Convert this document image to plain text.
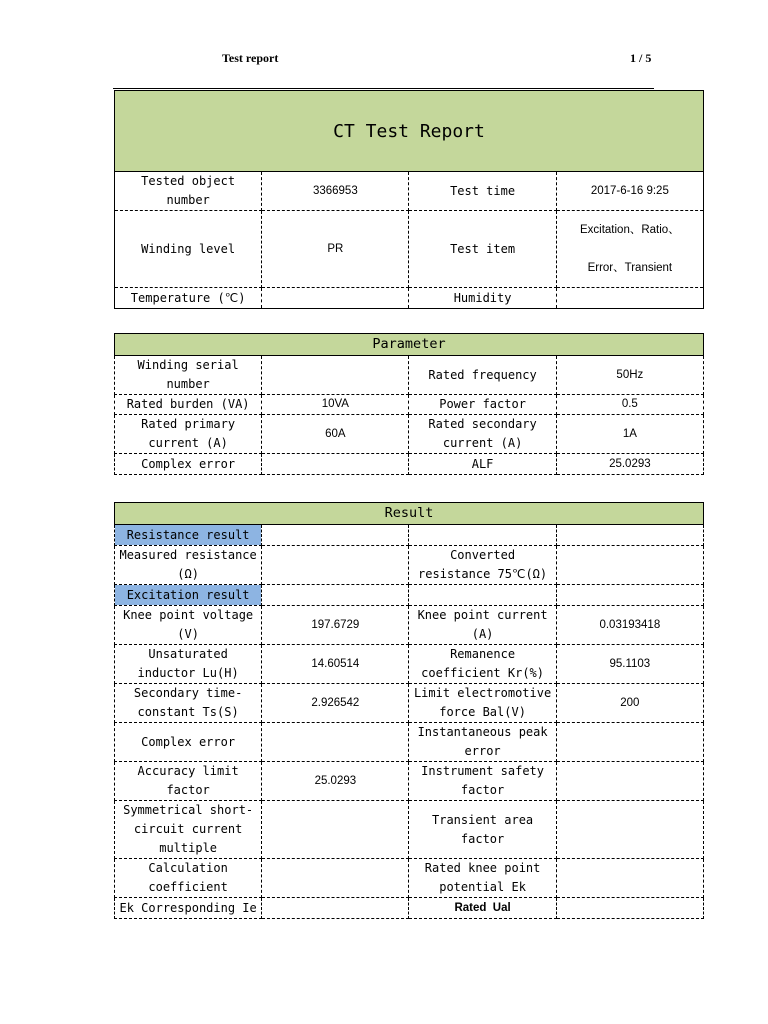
Test report	1 / 5
CT Test Report			
Tested object number	3366953	Test time	2017-6-16 9:25
Winding level	PR	Test item	Excitation、Ratio、
Error、Transient

Temperature (℃)		Humidity	
Parameter			
Winding serial number		Rated frequency	50Hz
Rated burden (VA)	10VA	Power factor	0.5
Rated primary current (A)	60A	Rated secondary current (A)	1A
Complex error		ALF	25.0293
Result			
Resistance result			
Measured resistance (Ω)		Converted resistance 75℃(Ω)	
Excitation result			
Knee point voltage (V)	197.6729	Knee point current (A)	0.03193418
Unsaturated inductor Lu(H)	14.60514	Remanence coefficient Kr(%)	95.1103
Secondary time-constant Ts(S)	2.926542	Limit electromotive force Bal(V)	200
Complex error		Instantaneous peak error	
Accuracy limit factor	25.0293	Instrument safety factor	
Symmetrical short-circuit current multiple		Transient area factor	
Calculation coefficient		Rated knee point potential Ek	
Ek Corresponding Ie		Rated  Ual	
